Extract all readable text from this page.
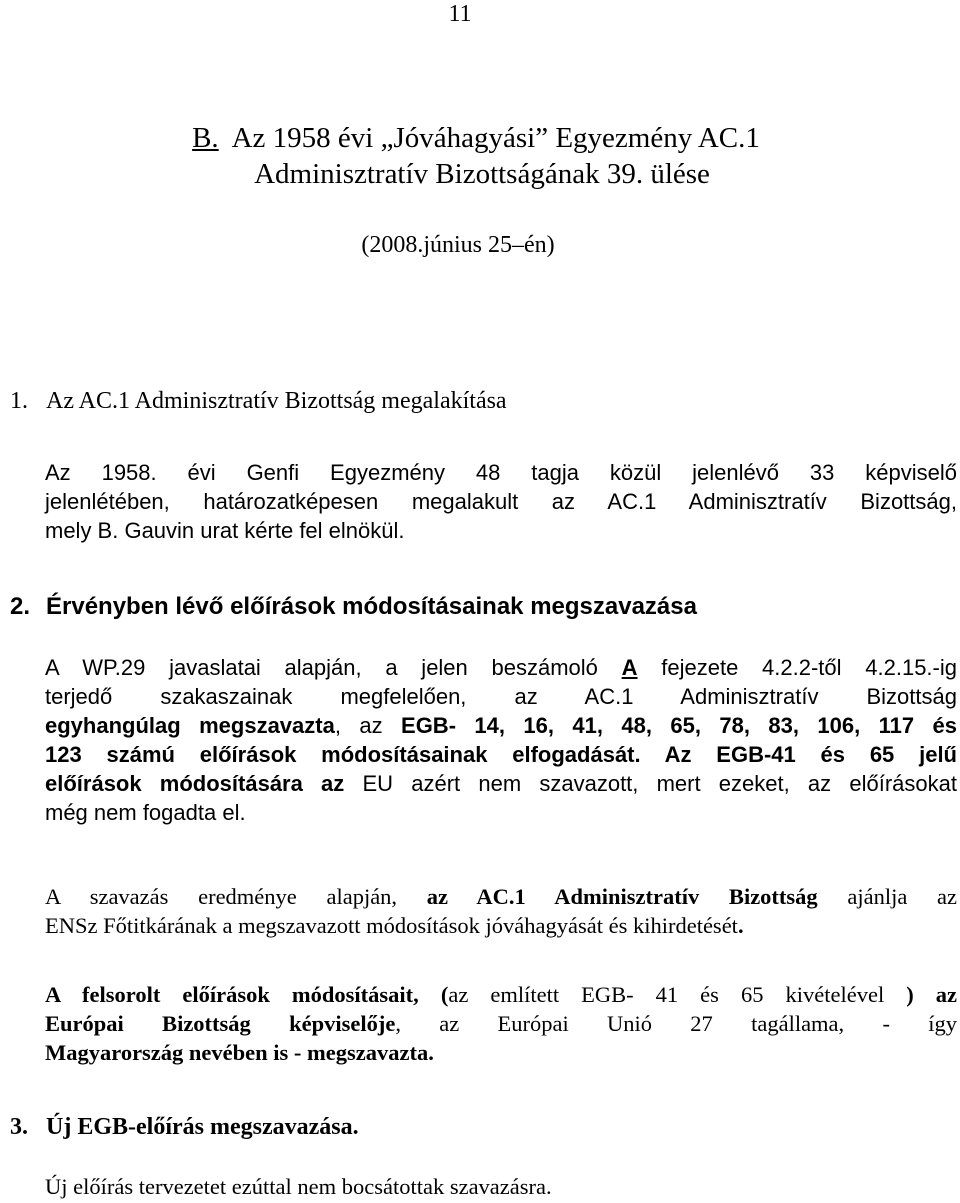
11
B. Az 1958 évi „Jóváhagyási” Egyezmény AC.1
Adminisztratív Bizottságának 39. ülése
(2008.június 25–én)
1. Az AC.1 Adminisztratív Bizottság megalakítása
Az 1958. évi Genfi Egyezmény 48 tagja közül jelenlévő 33 képviselő
jelenlétében, határozatképesen megalakult az AC.1 Adminisztratív Bizottság,
mely B. Gauvin urat kérte fel elnökül.
2. Érvényben lévő előírások módosításainak megszavazása
A WP.29 javaslatai alapján, a jelen beszámoló A fejezete 4.2.2-től 4.2.15.-ig
terjedő szakaszainak megfelelően, az AC.1 Adminisztratív Bizottság
egyhangúlag megszavazta, az EGB- 14, 16, 41, 48, 65, 78, 83, 106, 117 és
123 számú előírások módosításainak elfogadását. Az EGB-41 és 65 jelű
előírások módosítására az EU azért nem szavazott, mert ezeket, az előírásokat
még nem fogadta el.
A szavazás eredménye alapján, az AC.1 Adminisztratív Bizottság ajánlja az
ENSz Főtitkárának a megszavazott módosítások jóváhagyását és kihirdetését.
A felsorolt előírások módosításait, (az említett EGB- 41 és 65 kivételével ) az
Európai Bizottság képviselője, az Európai Unió 27 tagállama, - így
Magyarország nevében is - megszavazta.
3. Új EGB-előírás megszavazása.
Új előírás tervezetet ezúttal nem bocsátottak szavazásra.
